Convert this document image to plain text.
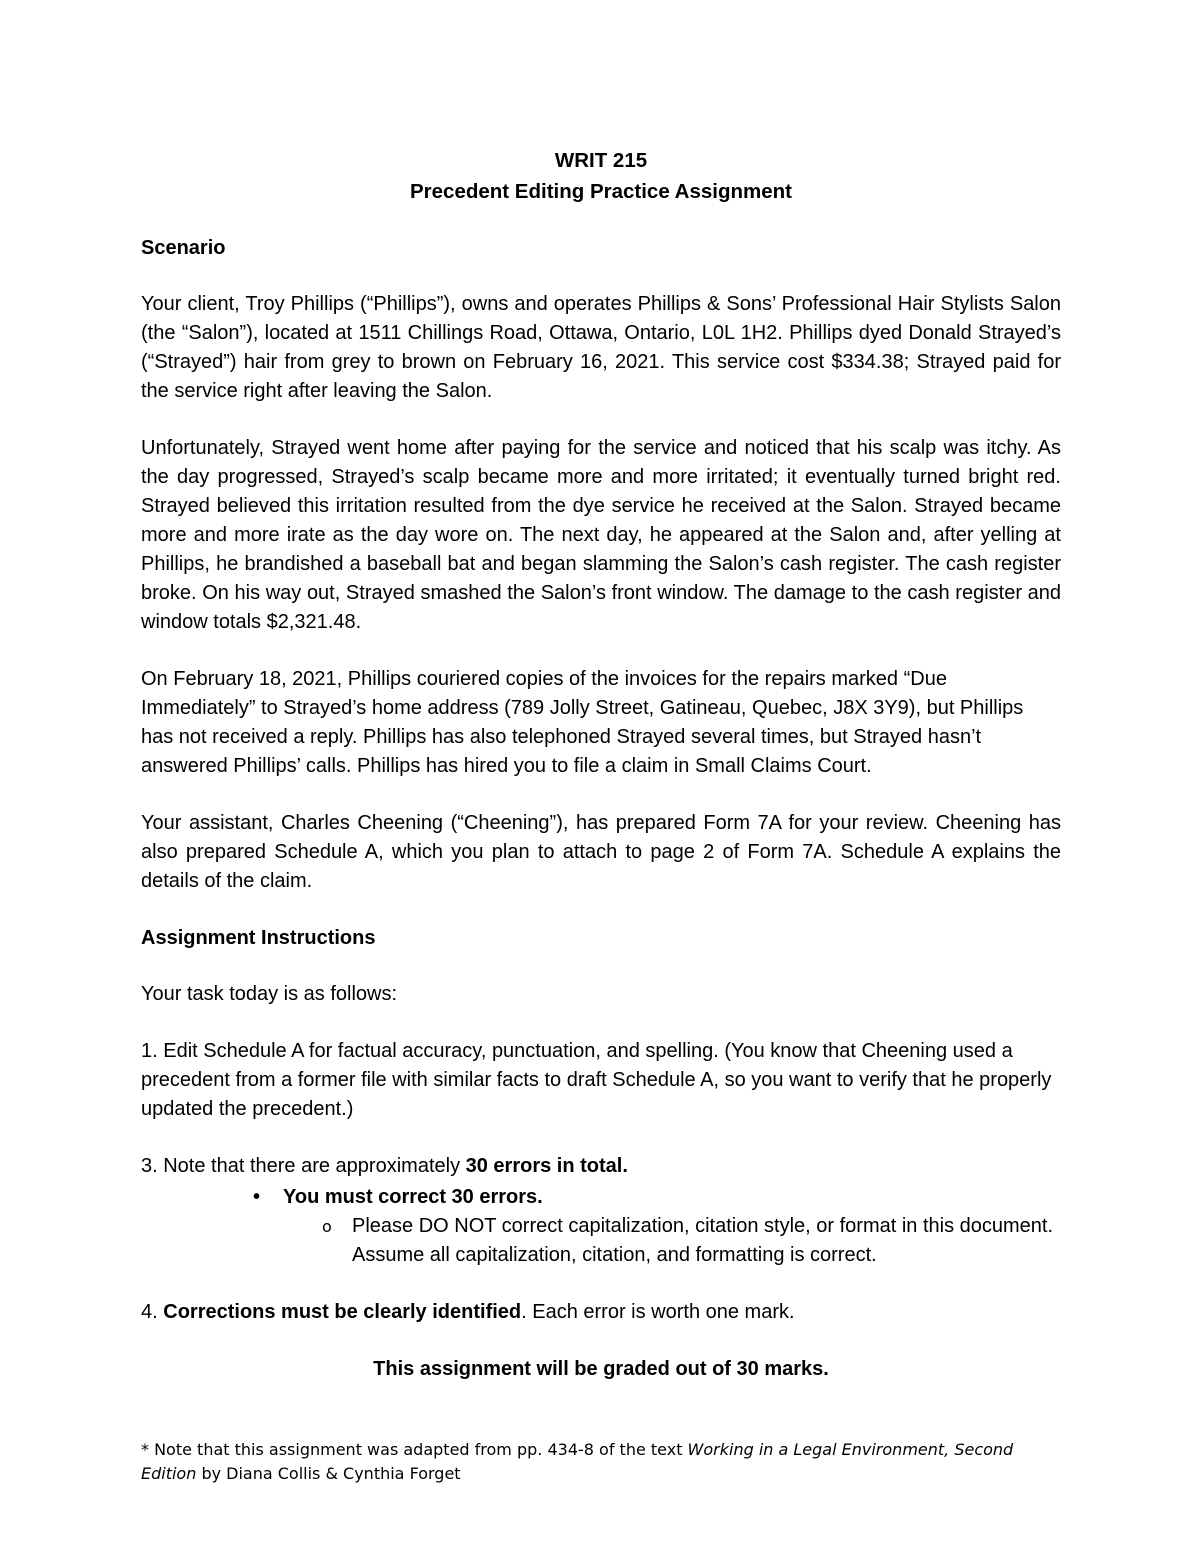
WRIT 215
Precedent Editing Practice Assignment
Scenario

Your client, Troy Phillips (“Phillips”), owns and operates Phillips & Sons’ Professional Hair Stylists Salon (the “Salon”), located at 1511 Chillings Road, Ottawa, Ontario, L0L 1H2. Phillips dyed Donald Strayed’s (“Strayed”) hair from grey to brown on February 16, 2021. This service cost $334.38; Strayed paid for the service right after leaving the Salon.

Unfortunately, Strayed went home after paying for the service and noticed that his scalp was itchy. As the day progressed, Strayed’s scalp became more and more irritated; it eventually turned bright red. Strayed believed this irritation resulted from the dye service he received at the Salon. Strayed became more and more irate as the day wore on. The next day, he appeared at the Salon and, after yelling at Phillips, he brandished a baseball bat and began slamming the Salon’s cash register. The cash register broke. On his way out, Strayed smashed the Salon’s front window. The damage to the cash register and window totals $2,321.48.

On February 18, 2021, Phillips couriered copies of the invoices for the repairs marked “Due Immediately” to Strayed’s home address (789 Jolly Street, Gatineau, Quebec, J8X 3Y9), but Phillips has not received a reply. Phillips has also telephoned Strayed several times, but Strayed hasn’t answered Phillips’ calls. Phillips has hired you to file a claim in Small Claims Court.

Your assistant, Charles Cheening (“Cheening”), has prepared Form 7A for your review. Cheening has also prepared Schedule A, which you plan to attach to page 2 of Form 7A. Schedule A explains the details of the claim.

Assignment Instructions

Your task today is as follows:

1. Edit Schedule A for factual accuracy, punctuation, and spelling. (You know that Cheening used a precedent from a former file with similar facts to draft Schedule A, so you want to verify that he properly updated the precedent.)

3. Note that there are approximately 30 errors in total.

• You must correct 30 errors.
o Please DO NOT correct capitalization, citation style, or format in this document. Assume all capitalization, citation, and formatting is correct.

4. Corrections must be clearly identified. Each error is worth one mark.

This assignment will be graded out of 30 marks.

* Note that this assignment was adapted from pp. 434-8 of the text Working in a Legal Environment, Second Edition by Diana Collis & Cynthia Forget
